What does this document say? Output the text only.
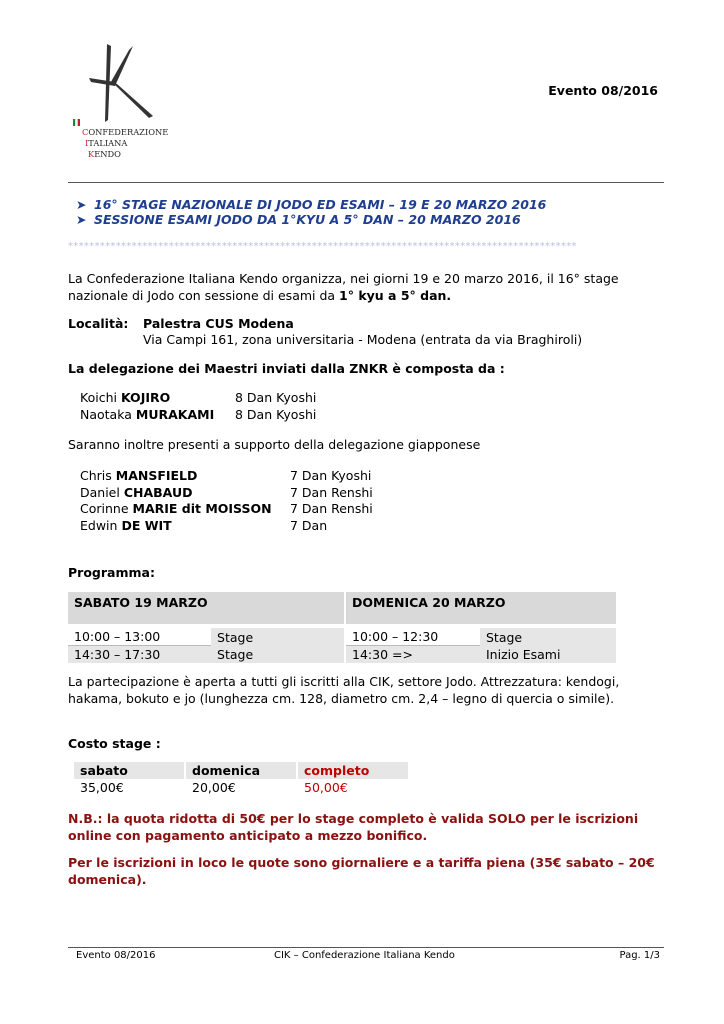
CONFEDERAZIONE
ITALIANA
KENDO
Evento 08/2016
➤ 16° STAGE NAZIONALE DI JODO ED ESAMI – 19 E 20 MARZO 2016
➤ SESSIONE ESAMI JODO DA 1°KYU A 5° DAN – 20 MARZO 2016
************************************************************************************************
La Confederazione Italiana Kendo organizza, nei giorni 19 e 20 marzo 2016, il 16° stage
nazionale di Jodo con sessione di esami da 1° kyu a 5° dan.
Località: Palestra CUS Modena
Via Campi 161, zona universitaria - Modena (entrata da via Braghiroli)
La delegazione dei Maestri inviati dalla ZNKR è composta da :
Koichi KOJIRO	8 Dan Kyoshi
Naotaka MURAKAMI 8 Dan Kyoshi
Saranno inoltre presenti a supporto della delegazione giapponese
Chris MANSFIELD	7 Dan Kyoshi
Daniel CHABAUD	7 Dan Renshi
Corinne MARIE dit MOISSON 7 Dan Renshi
Edwin DE WIT	7 Dan
Programma:
SABATO 19 MARZO			DOMENICA 20 MARZO	

10:00 – 13:00	Stage		10:00 – 12:30	Stage
14:30 – 17:30	Stage		14:30 =>	Inizio Esami
La partecipazione è aperta a tutti gli iscritti alla CIK, settore Jodo. Attrezzatura: kendogi,
hakama, bokuto e jo (lunghezza cm. 128, diametro cm. 2,4 – legno di quercia o simile).
Costo stage :
sabato		domenica		completo
35,00€		20,00€		50,00€
N.B.: la quota ridotta di 50€ per lo stage completo è valida SOLO per le iscrizioni
online con pagamento anticipato a mezzo bonifico.
Per le iscrizioni in loco le quote sono giornaliere e a tariffa piena (35€ sabato – 20€
domenica).
Evento 08/2016	CIK – Confederazione Italiana Kendo	Pag. 1/3
